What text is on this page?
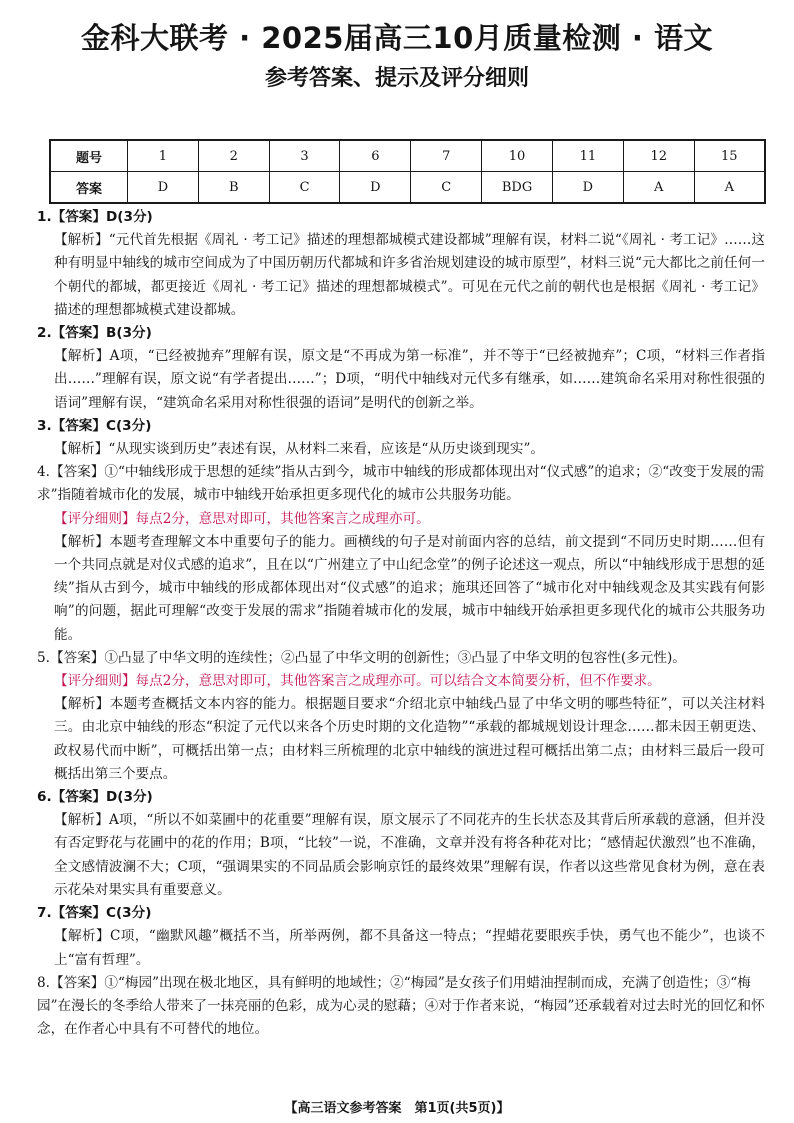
金科大联考 · 2025届高三10月质量检测 · 语文
参考答案、提示及评分细则
题号	1	2	3	6	7	10	11	12	15
答案	D	B	C	D	C	BDG	D	A	A

1.【答案】D(3分)

【解析】“元代首先根据《周礼 · 考工记》描述的理想都城模式建设都城”理解有误，材料二说“《周礼 · 考工记》……这种有明显中轴线的城市空间成为了中国历朝历代都城和许多省治规划建设的城市原型”，材料三说“元大都比之前任何一个朝代的都城，都更接近《周礼 · 考工记》描述的理想都城模式”。可见在元代之前的朝代也是根据《周礼 · 考工记》描述的理想都城模式建设都城。

2.【答案】B(3分)

【解析】A项，“已经被抛弃”理解有误，原文是“不再成为第一标准”，并不等于“已经被抛弃”；C项，“材料三作者指出……”理解有误，原文说“有学者提出……”；D项，“明代中轴线对元代多有继承，如……建筑命名采用对称性很强的语词”理解有误，“建筑命名采用对称性很强的语词”是明代的创新之举。

3.【答案】C(3分)

【解析】“从现实谈到历史”表述有误，从材料二来看，应该是“从历史谈到现实”。

4.【答案】①“中轴线形成于思想的延续”指从古到今，城市中轴线的形成都体现出对“仪式感”的追求；②“改变于发展的需求”指随着城市化的发展，城市中轴线开始承担更多现代化的城市公共服务功能。

【评分细则】每点2分，意思对即可，其他答案言之成理亦可。

【解析】本题考查理解文本中重要句子的能力。画横线的句子是对前面内容的总结，前文提到“不同历史时期……但有一个共同点就是对仪式感的追求”，且在以“广州建立了中山纪念堂”的例子论述这一观点，所以“中轴线形成于思想的延续”指从古到今，城市中轴线的形成都体现出对“仪式感”的追求；施琪还回答了“城市化对中轴线观念及其实践有何影响”的问题，据此可理解“改变于发展的需求”指随着城市化的发展，城市中轴线开始承担更多现代化的城市公共服务功能。

5.【答案】①凸显了中华文明的连续性；②凸显了中华文明的创新性；③凸显了中华文明的包容性(多元性)。

【评分细则】每点2分，意思对即可，其他答案言之成理亦可。可以结合文本简要分析，但不作要求。

【解析】本题考查概括文本内容的能力。根据题目要求“介绍北京中轴线凸显了中华文明的哪些特征”，可以关注材料三。由北京中轴线的形态“积淀了元代以来各个历史时期的文化造物”“承载的都城规划设计理念……都未因王朝更迭、政权易代而中断”，可概括出第一点；由材料三所梳理的北京中轴线的演进过程可概括出第二点；由材料三最后一段可概括出第三个要点。

6.【答案】D(3分)

【解析】A项，“所以不如菜圃中的花重要”理解有误，原文展示了不同花卉的生长状态及其背后所承载的意涵，但并没有否定野花与花圃中的花的作用；B项，“比较”一说，不准确，文章并没有将各种花对比；“感情起伏激烈”也不准确，全文感情波澜不大；C项，“强调果实的不同品质会影响京饪的最终效果”理解有误，作者以这些常见食材为例，意在表示花朵对果实具有重要意义。

7.【答案】C(3分)

【解析】C项，“幽默风趣”概括不当，所举两例，都不具备这一特点；“捏蜡花要眼疾手快，勇气也不能少”，也谈不上“富有哲理”。

8.【答案】①“梅园”出现在极北地区，具有鲜明的地域性；②“梅园”是女孩子们用蜡油捏制而成，充满了创造性；③“梅园”在漫长的冬季给人带来了一抹亮丽的色彩，成为心灵的慰藉；④对于作者来说，“梅园”还承载着对过去时光的回忆和怀念，在作者心中具有不可替代的地位。

【高三语文参考答案　第1页(共5页)】
